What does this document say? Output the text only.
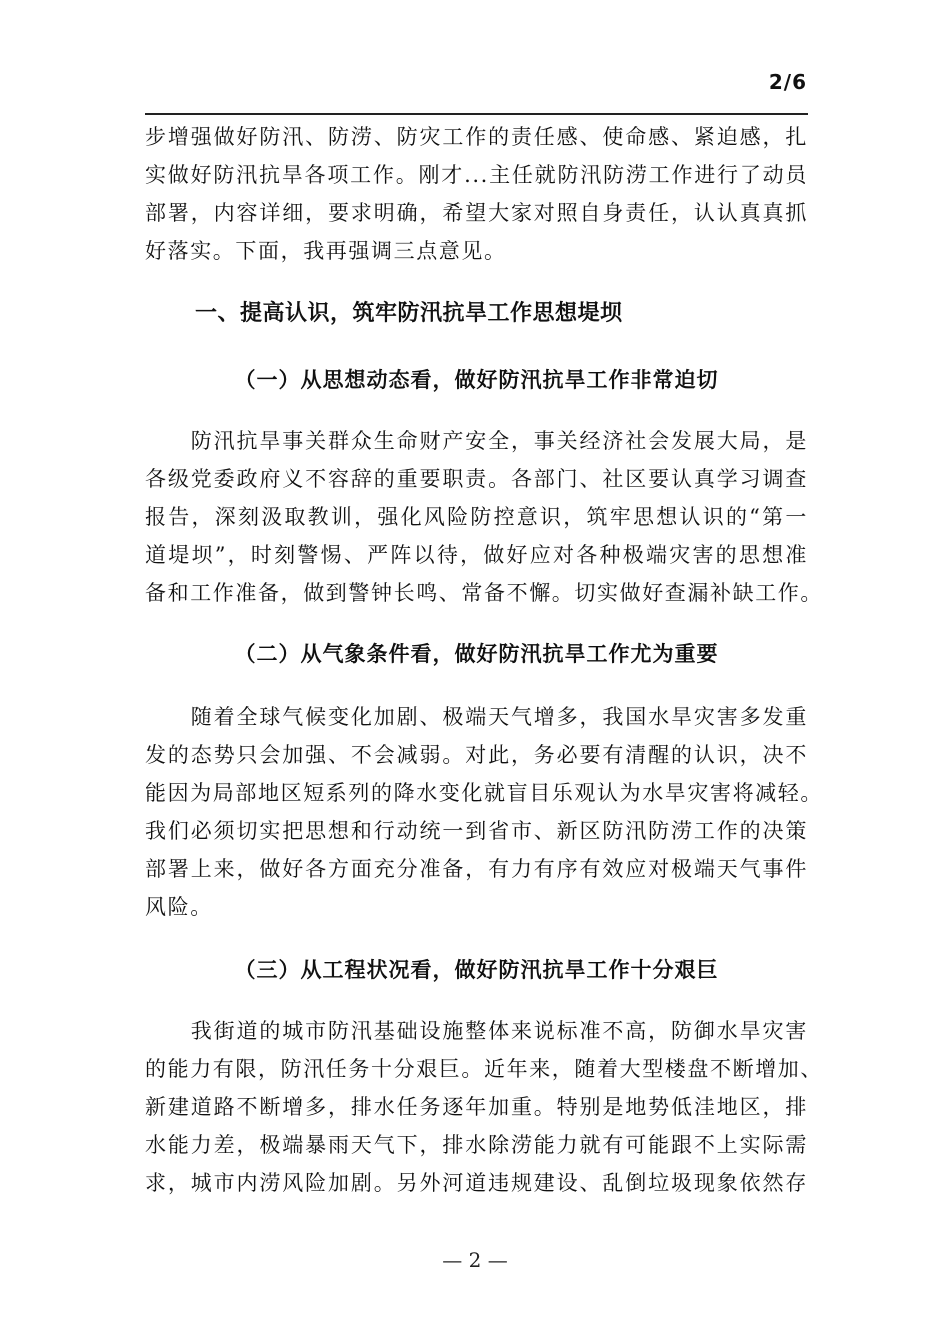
2/6
步增强做好防汛、防涝、防灾工作的责任感、使命感、紧迫感，扎
实做好防汛抗旱各项工作。刚才...主任就防汛防涝工作进行了动员
部署，内容详细，要求明确，希望大家对照自身责任，认认真真抓
好落实。下面，我再强调三点意见。
一、提高认识，筑牢防汛抗旱工作思想堤坝
（一）从思想动态看，做好防汛抗旱工作非常迫切
　　防汛抗旱事关群众生命财产安全，事关经济社会发展大局，是
各级党委政府义不容辞的重要职责。各部门、社区要认真学习调查
报告，深刻汲取教训，强化风险防控意识，筑牢思想认识的“第一
道堤坝”，时刻警惕、严阵以待，做好应对各种极端灾害的思想准
备和工作准备，做到警钟长鸣、常备不懈。切实做好查漏补缺工作。
（二）从气象条件看，做好防汛抗旱工作尤为重要
　　随着全球气候变化加剧、极端天气增多，我国水旱灾害多发重
发的态势只会加强、不会减弱。对此，务必要有清醒的认识，决不
能因为局部地区短系列的降水变化就盲目乐观认为水旱灾害将减轻。
我们必须切实把思想和行动统一到省市、新区防汛防涝工作的决策
部署上来，做好各方面充分准备，有力有序有效应对极端天气事件
风险。
（三）从工程状况看，做好防汛抗旱工作十分艰巨
　　我街道的城市防汛基础设施整体来说标准不高，防御水旱灾害
的能力有限，防汛任务十分艰巨。近年来，随着大型楼盘不断增加、
新建道路不断增多，排水任务逐年加重。特别是地势低洼地区，排
水能力差，极端暴雨天气下，排水除涝能力就有可能跟不上实际需
求，城市内涝风险加剧。另外河道违规建设、乱倒垃圾现象依然存
— 2 —
